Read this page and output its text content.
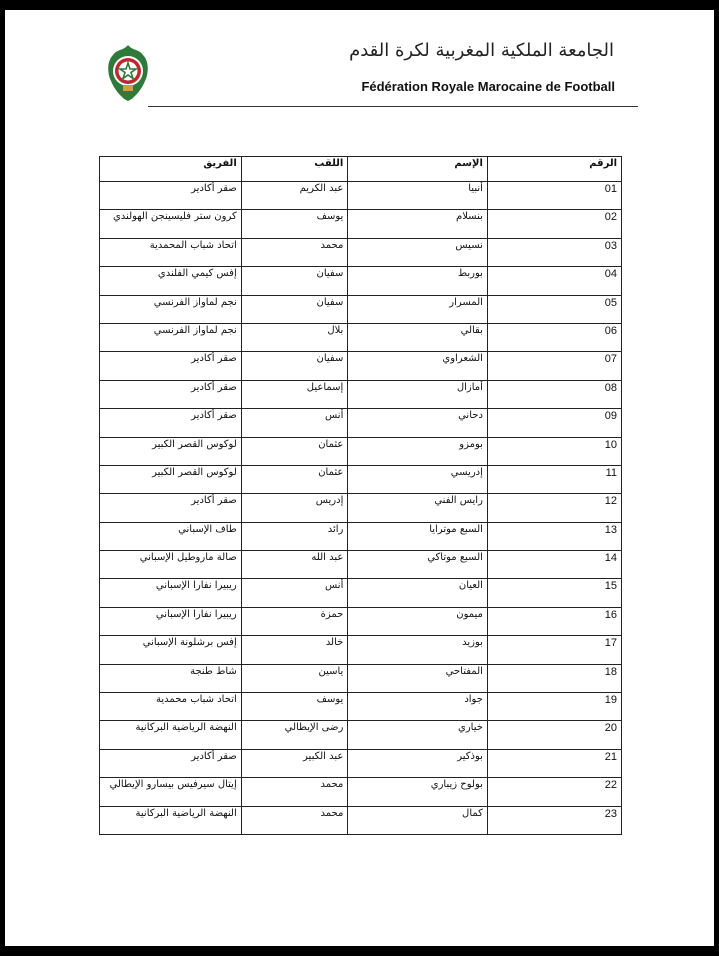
الجامعة الملكية المغربية لكرة القدم
Fédération Royale Marocaine de Football
الفريق	اللقب	الإسم	الرقم
صقر أكادير	عبد الكريم	أنبيا	01
كرون ستر فليسينجن الهولندي	يوسف	بنسلام	02
اتحاد شباب المحمدية	محمد	نسيس	03
إفس كيمي الفلندي	سفيان	بوربط	04
نجم لماواز الفرنسي	سفيان	المسرار	05
نجم لماواز الفرنسي	بلال	بقالي	06
صقر أكادير	سفيان	الشعراوي	07
صقر أكادير	إسماعيل	أمازال	08
صقر أكادير	أنس	دحاني	09
لوكوس القصر الكبير	عثمان	بومزو	10
لوكوس القصر الكبير	عثمان	إدريسي	11
صقر أكادير	إدريس	رايس الفني	12
طاف الإسباني	رائد	السبع موترايا	13
صالة ماروطيل الإسباني	عبد الله	السبع موتاكي	14
ريبيرا نفارا الإسباني	أنس	العيان	15
ريبيرا نفارا الإسباني	حمزة	ميمون	16
إفس برشلونة الإسباني	خالد	بوزيد	17
شاط طنجة	ياسين	المفتاحي	18
اتحاد شباب محمدية	يوسف	جواد	19
النهضة الرياضية البركانية	رضى الإيطالي	خياري	20
صقر أكادير	عبد الكبير	بوذكير	21
إيتال سيرفيس بيسارو الإيطالي	محمد	بولوح زيباري	22
النهضة الرياضية البركانية	محمد	كمال	23
